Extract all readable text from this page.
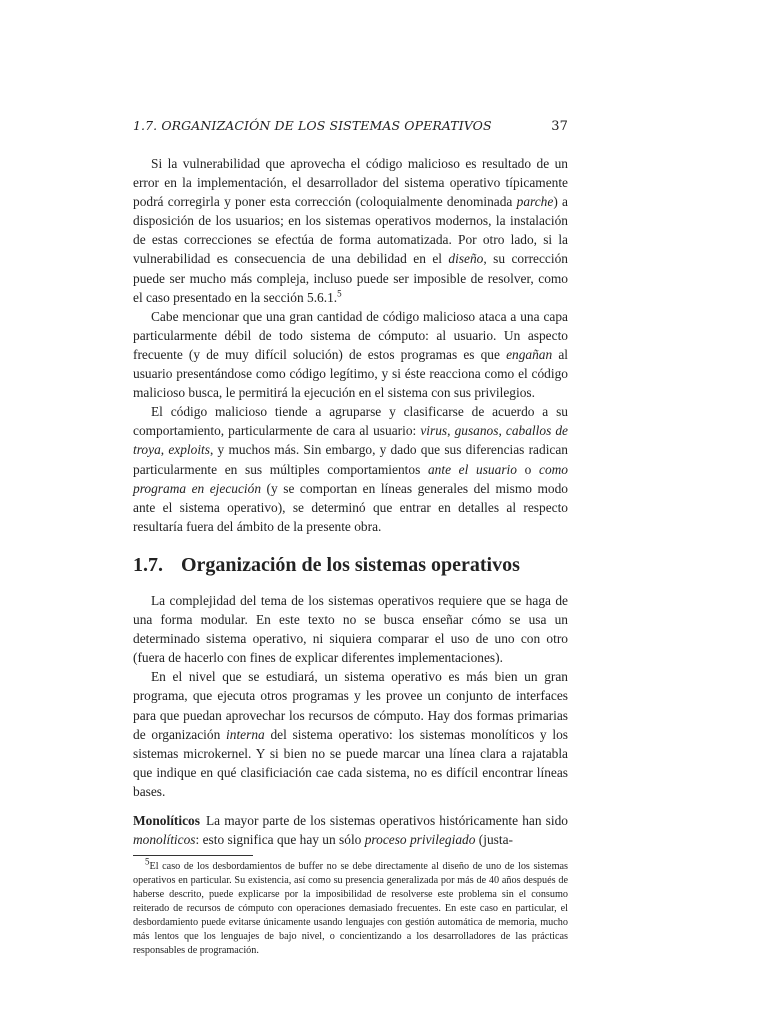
1.7. ORGANIZACIÓN DE LOS SISTEMAS OPERATIVOS	37

Si la vulnerabilidad que aprovecha el código malicioso es resultado de un error en la implementación, el desarrollador del sistema operativo típicamente podrá corregirla y poner esta corrección (coloquialmente denominada parche) a disposición de los usuarios; en los sistemas operativos modernos, la instalación de estas correcciones se efectúa de forma automatizada. Por otro lado, si la vulnerabilidad es consecuencia de una debilidad en el diseño, su corrección puede ser mucho más compleja, incluso puede ser imposible de resolver, como el caso presentado en la sección 5.6.1.$^5$

Cabe mencionar que una gran cantidad de código malicioso ataca a una capa particularmente débil de todo sistema de cómputo: al usuario. Un aspecto frecuente (y de muy difícil solución) de estos programas es que engañan al usuario presentándose como código legítimo, y si éste reacciona como el código malicioso busca, le permitirá la ejecución en el sistema con sus privilegios.

El código malicioso tiende a agruparse y clasificarse de acuerdo a su comportamiento, particularmente de cara al usuario: virus, gusanos, caballos de troya, exploits, y muchos más. Sin embargo, y dado que sus diferencias radican particularmente en sus múltiples comportamientos ante el usuario o como programa en ejecución (y se comportan en líneas generales del mismo modo ante el sistema operativo), se determinó que entrar en detalles al respecto resultaría fuera del ámbito de la presente obra.

1.7. Organización de los sistemas operativos

La complejidad del tema de los sistemas operativos requiere que se haga de una forma modular. En este texto no se busca enseñar cómo se usa un determinado sistema operativo, ni siquiera comparar el uso de uno con otro (fuera de hacerlo con fines de explicar diferentes implementaciones).

En el nivel que se estudiará, un sistema operativo es más bien un gran programa, que ejecuta otros programas y les provee un conjunto de interfaces para que puedan aprovechar los recursos de cómputo. Hay dos formas primarias de organización interna del sistema operativo: los sistemas monolíticos y los sistemas microkernel. Y si bien no se puede marcar una línea clara a rajatabla que indique en qué clasificiación cae cada sistema, no es difícil encontrar líneas bases.

Monolíticos La mayor parte de los sistemas operativos históricamente han sido monolíticos: esto significa que hay un sólo proceso privilegiado (justa-

$^5$El caso de los desbordamientos de buffer no se debe directamente al diseño de uno de los sistemas operativos en particular. Su existencia, así como su presencia generalizada por más de 40 años después de haberse descrito, puede explicarse por la imposibilidad de resolverse este problema sin el consumo reiterado de recursos de cómputo con operaciones demasiado frecuentes. En este caso en particular, el desbordamiento puede evitarse únicamente usando lenguajes con gestión automática de memoria, mucho más lentos que los lenguajes de bajo nivel, o concientizando a los desarrolladores de las prácticas responsables de programación.
